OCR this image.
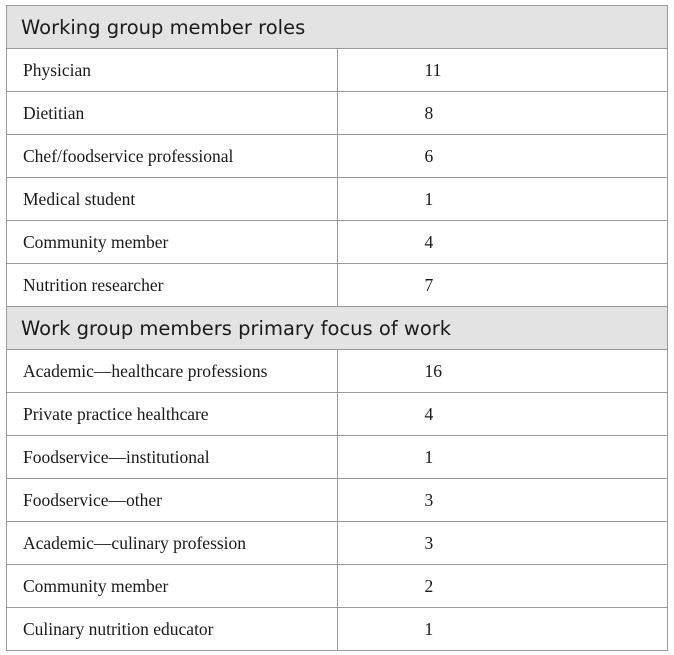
Working group member roles	
Physician	11
Dietitian	8
Chef/foodservice professional	6
Medical student	1
Community member	4
Nutrition researcher	7
Work group members primary focus of work	
Academic—healthcare professions	16
Private practice healthcare	4
Foodservice—institutional	1
Foodservice—other	3
Academic—culinary profession	3
Community member	2
Culinary nutrition educator	1
